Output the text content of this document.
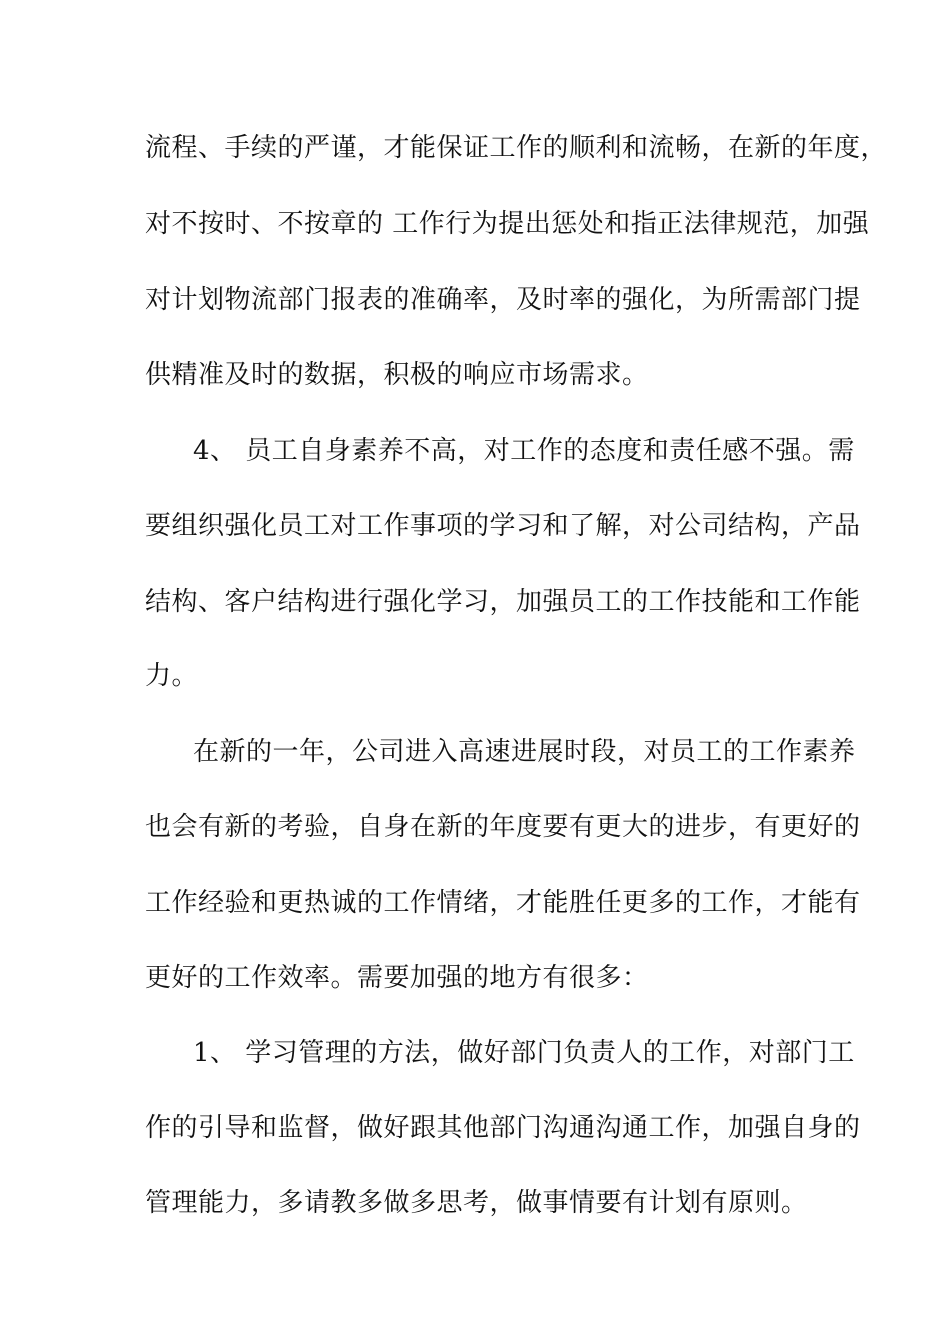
流程、手续的严谨，才能保证工作的顺利和流畅，在新的年度，
对不按时、不按章的 工作行为提出惩处和指正法律规范，加强
对计划物流部门报表的准确率，及时率的强化，为所需部门提
供精准及时的数据，积极的响应市场需求。
4、 员工自身素养不高，对工作的态度和责任感不强。需
要组织强化员工对工作事项的学习和了解，对公司结构，产品
结构、客户结构进行强化学习，加强员工的工作技能和工作能
力。
在新的一年，公司进入高速进展时段，对员工的工作素养
也会有新的考验，自身在新的年度要有更大的进步，有更好的
工作经验和更热诚的工作情绪，才能胜任更多的工作，才能有
更好的工作效率。需要加强的地方有很多：
1、 学习管理的方法，做好部门负责人的工作，对部门工
作的引导和监督，做好跟其他部门沟通沟通工作，加强自身的
管理能力，多请教多做多思考，做事情要有计划有原则。
